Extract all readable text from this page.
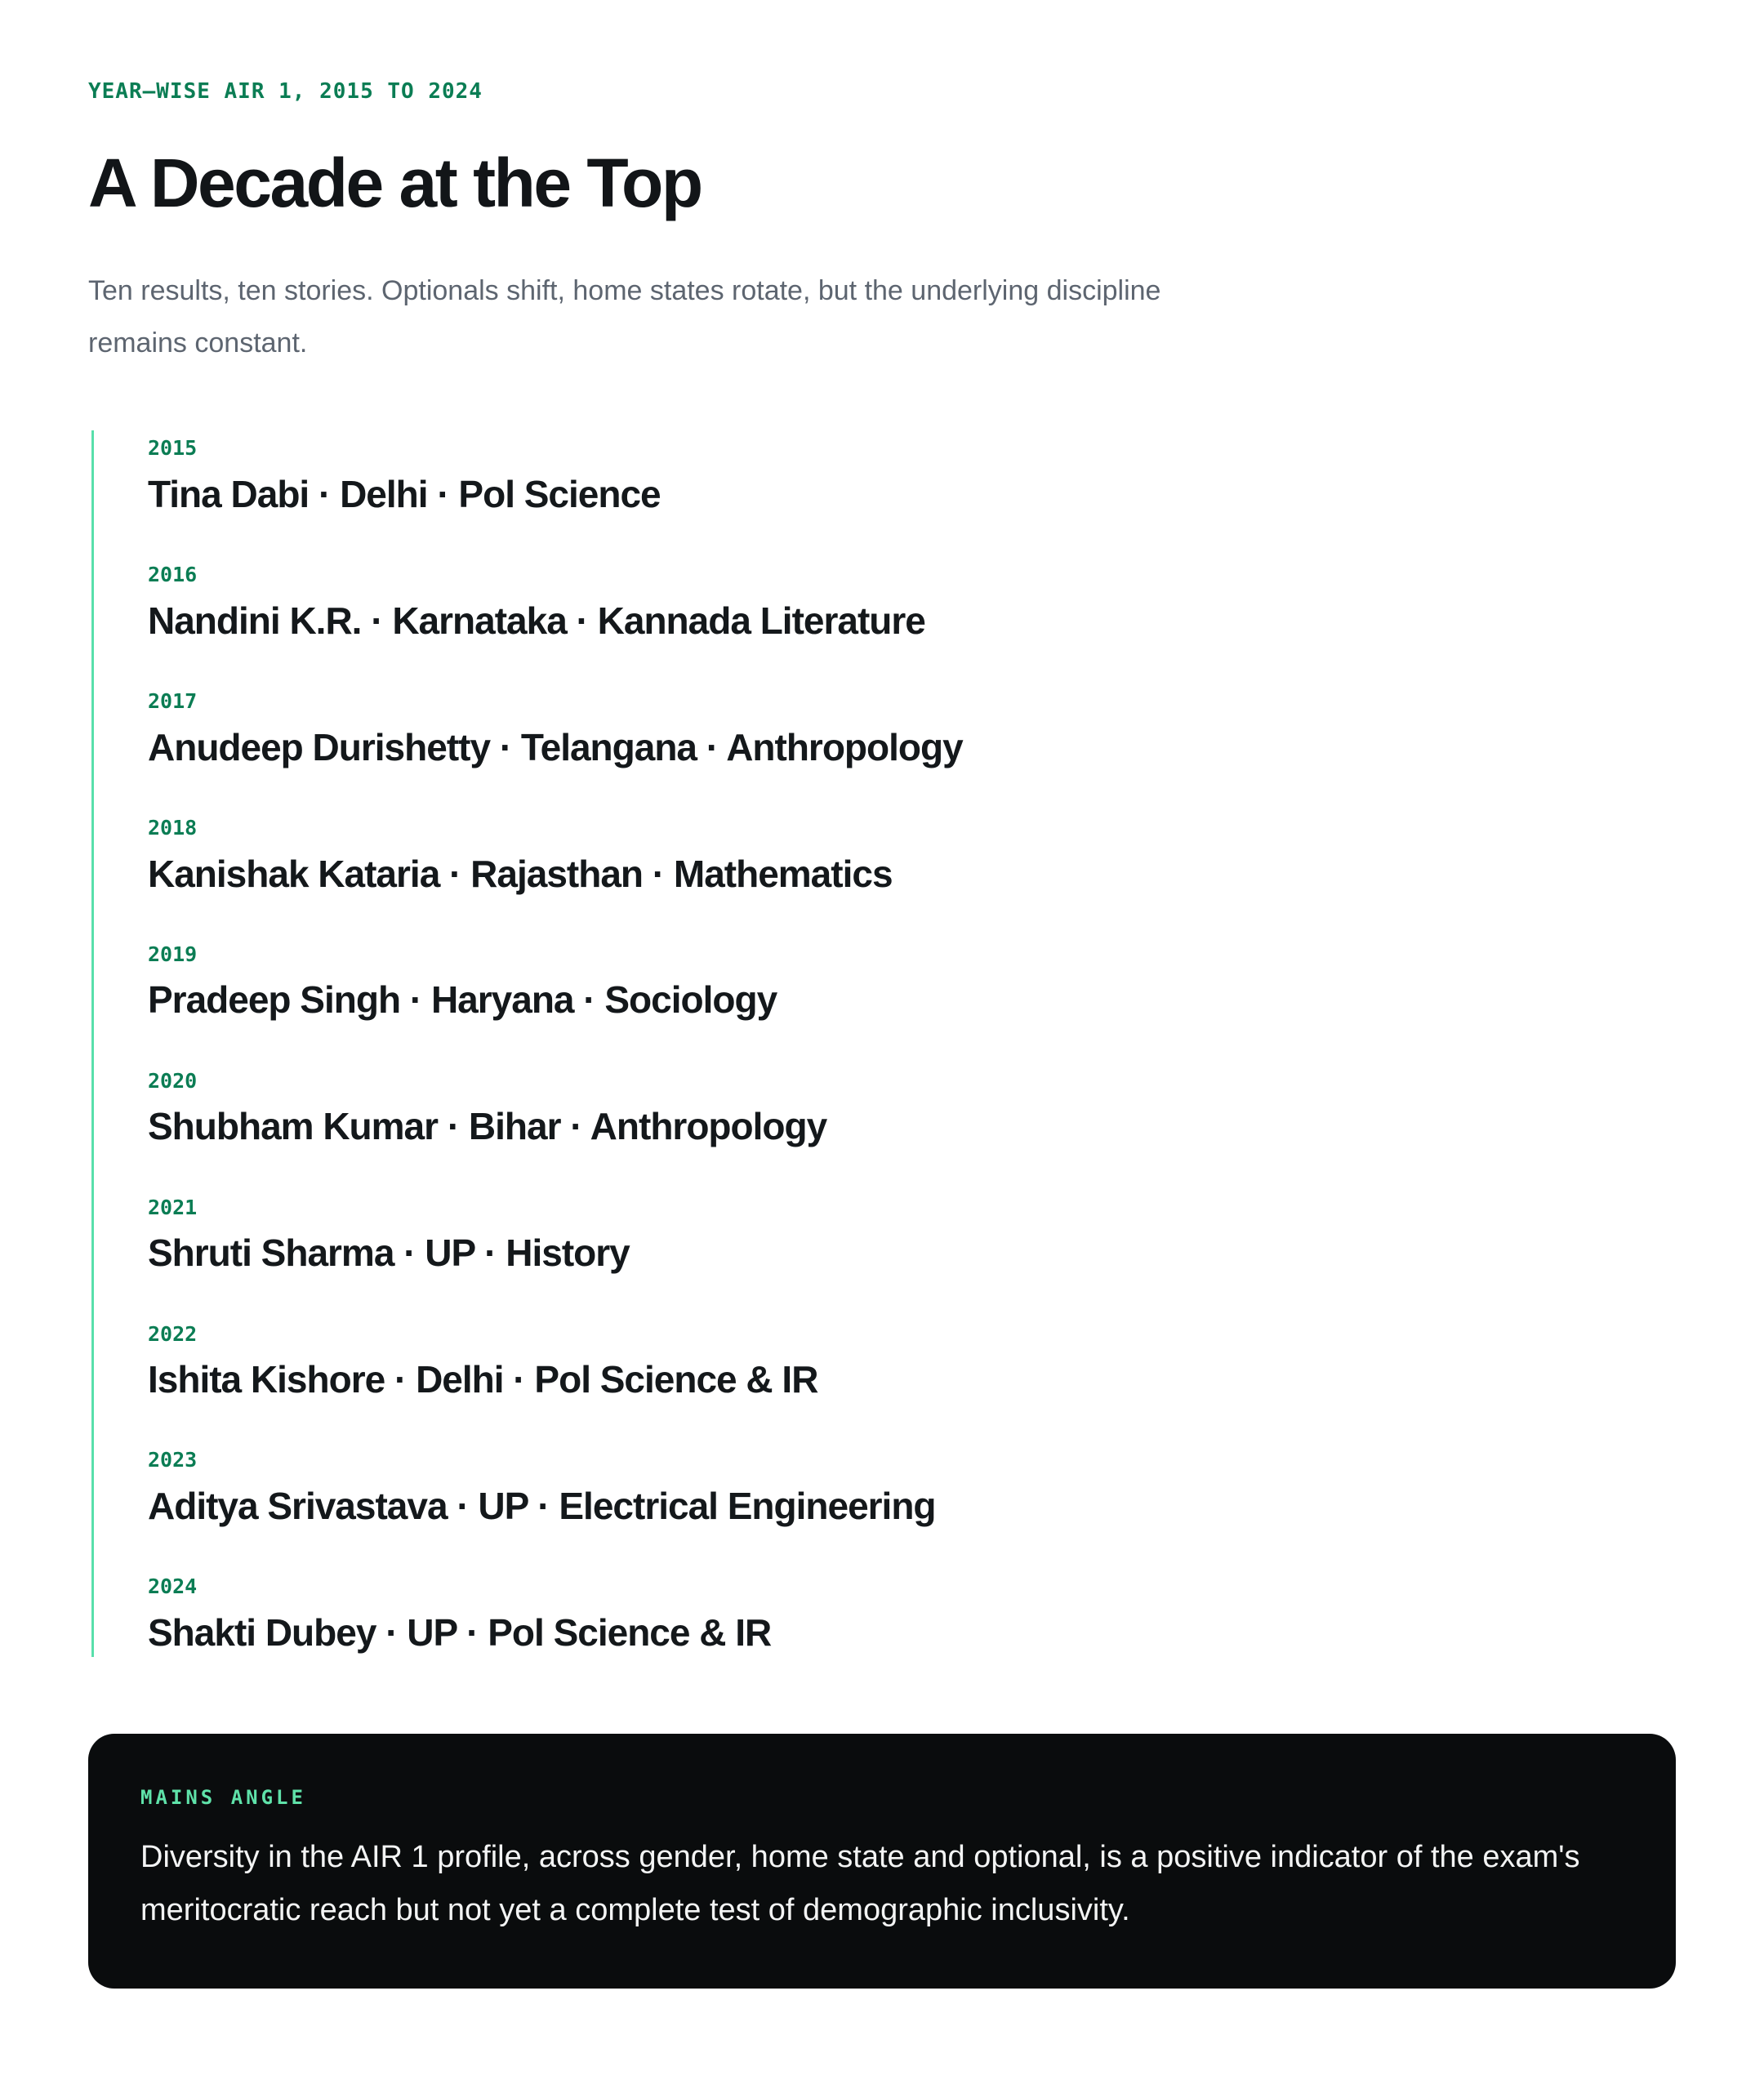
YEAR–WISE AIR 1, 2015 TO 2024

A Decade at the Top

Ten results, ten stories. Optionals shift, home states rotate, but the underlying discipline remains constant.

2015
Tina Dabi · Delhi · Pol Science
2016
Nandini K.R. · Karnataka · Kannada Literature
2017
Anudeep Durishetty · Telangana · Anthropology
2018
Kanishak Kataria · Rajasthan · Mathematics
2019
Pradeep Singh · Haryana · Sociology
2020
Shubham Kumar · Bihar · Anthropology
2021
Shruti Sharma · UP · History
2022
Ishita Kishore · Delhi · Pol Science & IR
2023
Aditya Srivastava · UP · Electrical Engineering
2024
Shakti Dubey · UP · Pol Science & IR

MAINS ANGLE

Diversity in the AIR 1 profile, across gender, home state and optional, is a positive indicator of the exam's meritocratic reach but not yet a complete test of demographic inclusivity.
